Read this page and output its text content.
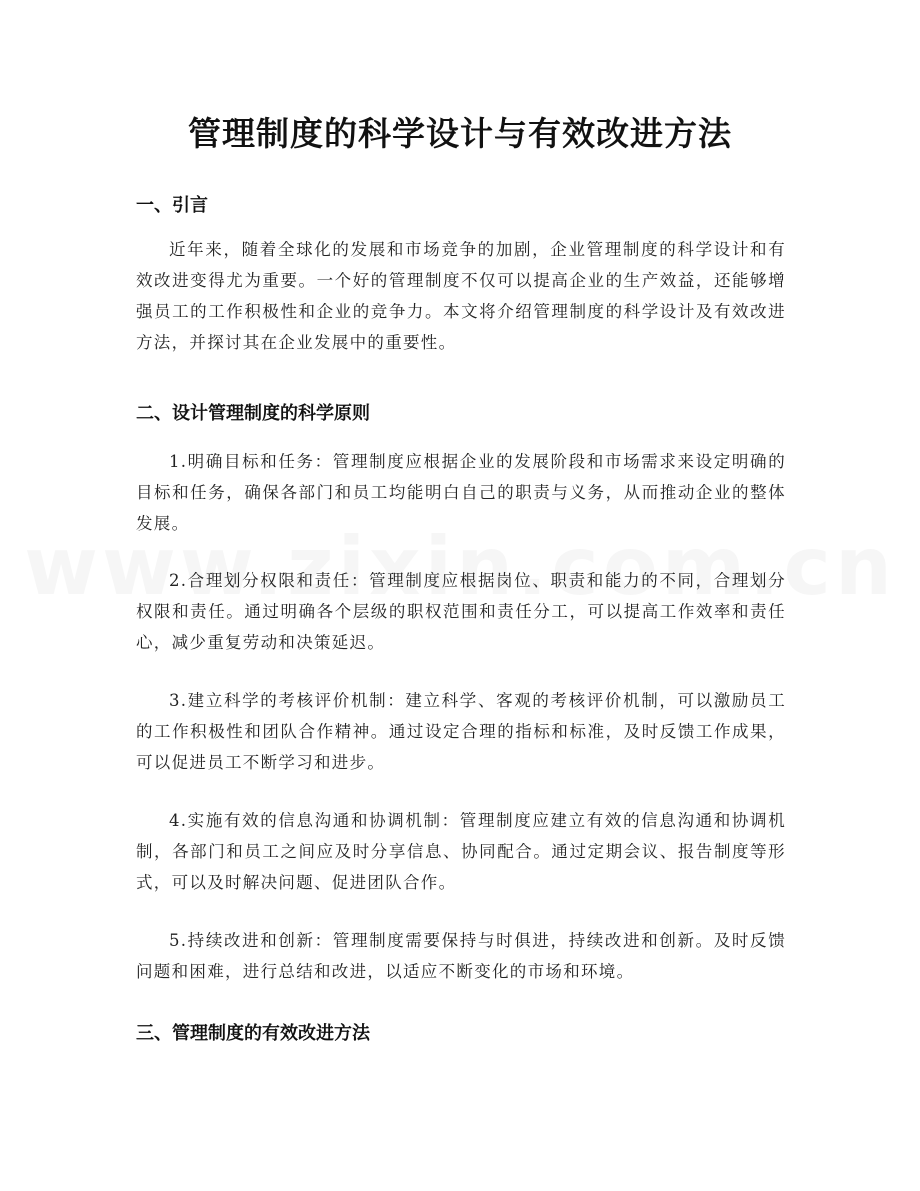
管理制度的科学设计与有效改进方法
一、引言
近年来，随着全球化的发展和市场竞争的加剧，企业管理制度的科学设计和有效改进变得尤为重要。一个好的管理制度不仅可以提高企业的生产效益，还能够增强员工的工作积极性和企业的竞争力。本文将介绍管理制度的科学设计及有效改进方法，并探讨其在企业发展中的重要性。
二、设计管理制度的科学原则
1.明确目标和任务：管理制度应根据企业的发展阶段和市场需求来设定明确的目标和任务，确保各部门和员工均能明白自己的职责与义务，从而推动企业的整体发展。
2.合理划分权限和责任：管理制度应根据岗位、职责和能力的不同，合理划分权限和责任。通过明确各个层级的职权范围和责任分工，可以提高工作效率和责任心，减少重复劳动和决策延迟。
3.建立科学的考核评价机制：建立科学、客观的考核评价机制，可以激励员工的工作积极性和团队合作精神。通过设定合理的指标和标准，及时反馈工作成果，可以促进员工不断学习和进步。
4.实施有效的信息沟通和协调机制：管理制度应建立有效的信息沟通和协调机制，各部门和员工之间应及时分享信息、协同配合。通过定期会议、报告制度等形式，可以及时解决问题、促进团队合作。
5.持续改进和创新：管理制度需要保持与时俱进，持续改进和创新。及时反馈问题和困难，进行总结和改进，以适应不断变化的市场和环境。
三、管理制度的有效改进方法
